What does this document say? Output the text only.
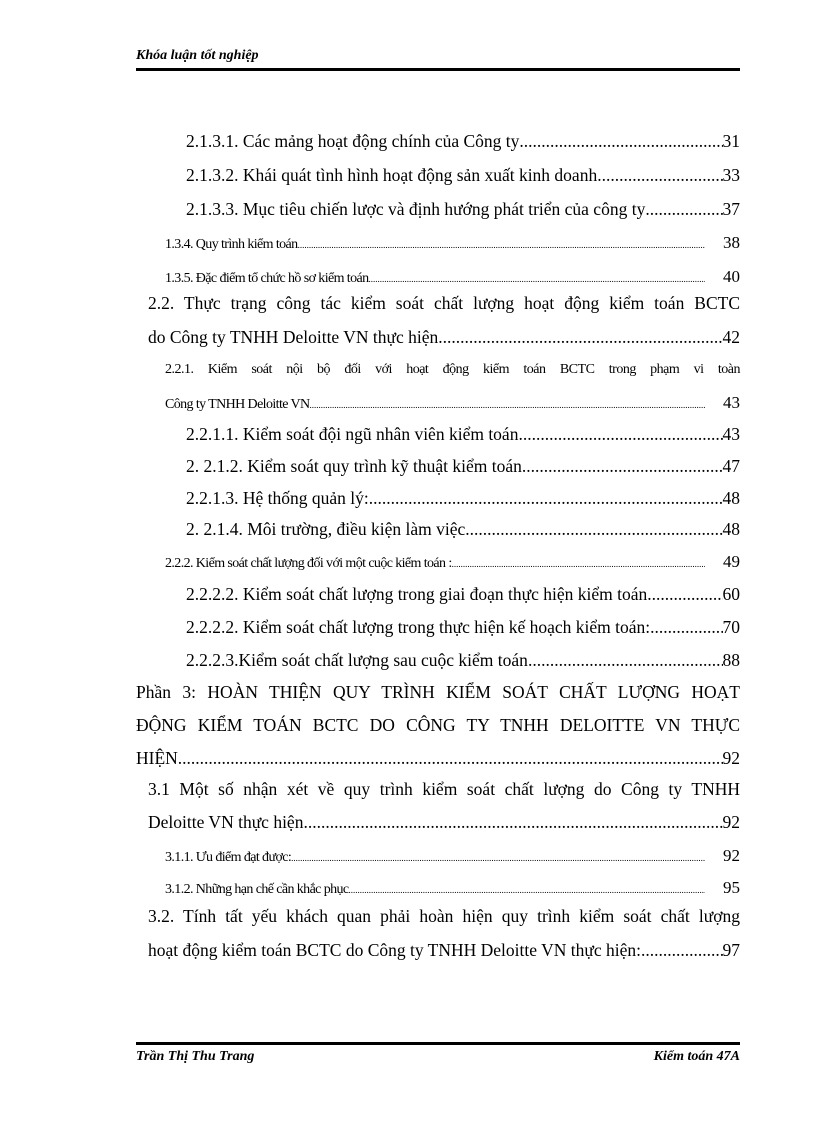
Khóa luận tốt nghiệp
2.1.3.1. Các mảng hoạt động chính của Công ty .....	31
2.1.3.2. Khái quát tình hình hoạt động sản xuất kinh doanh. .....	33
2.1.3.3. Mục tiêu chiến lược và định hướng phát triển của công ty .....	37
1.3.4. Quy trình kiểm toán .....	38
1.3.5. Đặc điểm tổ chức hồ sơ kiểm toán .....	40
2.2. Thực trạng công tác kiểm soát chất lượng hoạt động kiểm toán BCTC
do Công ty TNHH Deloitte VN thực hiện .....	42
2.2.1. Kiểm soát nội bộ đối với hoạt động kiểm toán BCTC trong phạm vi toàn
Công ty TNHH Deloitte VN .....	43
2.2.1.1. Kiểm soát đội ngũ nhân viên kiểm toán. .....	43
2. 2.1.2. Kiểm soát quy trình kỹ thuật kiểm toán .....	47
2.2.1.3. Hệ thống quản lý: .....	48
2. 2.1.4. Môi trường, điều kiện làm việc .....	48
2.2.2. Kiểm soát chất lượng đối với một cuộc kiểm toán : .....	49
2.2.2.2. Kiểm soát chất lượng trong giai đoạn thực hiện kiểm toán .....	60
2.2.2.2. Kiểm soát chất lượng trong thực hiện kế hoạch kiểm toán: .....	70
2.2.2.3.Kiểm soát chất lượng sau cuộc kiểm toán .....	88
Phần 3: HOÀN THIỆN QUY TRÌNH KIỂM SOÁT CHẤT LƯỢNG HOẠT
ĐỘNG KIỂM TOÁN BCTC DO CÔNG TY TNHH DELOITTE VN THỰC
HIỆN .....	92
3.1 Một số nhận xét về quy trình kiểm soát chất lượng do Công ty TNHH
Deloitte VN thực hiện. .....	92
3.1.1. Ưu điểm đạt được: .....	92
3.1.2. Những hạn chế cần khắc phục .....	95
3.2. Tính tất yếu khách quan phải hoàn hiện quy trình kiểm soát chất lượng
hoạt động kiểm toán BCTC do Công ty TNHH Deloitte VN thực hiện: .....	97
Trần Thị Thu Trang	Kiểm toán 47A
